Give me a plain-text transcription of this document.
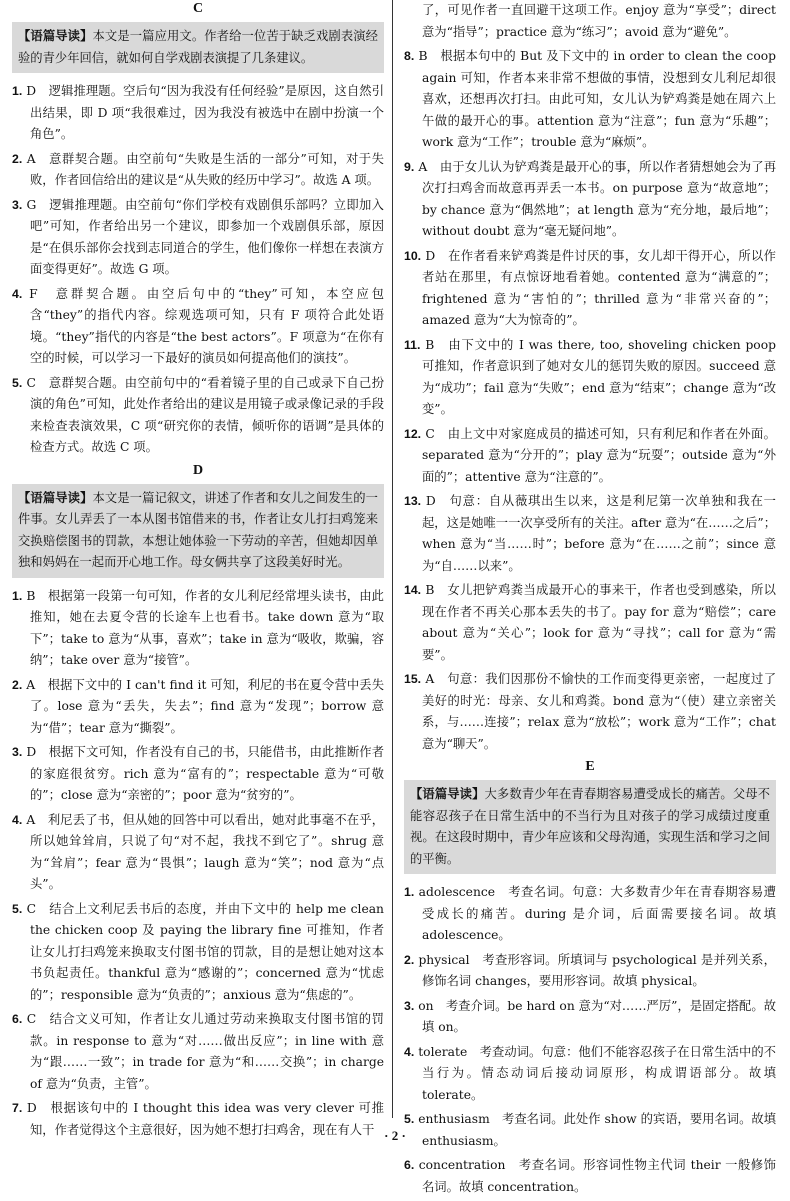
C
【语篇导读】本文是一篇应用文。作者给一位苦于缺乏戏剧表演经验的青少年回信，就如何自学戏剧表演提了几条建议。
1. D　逻辑推理题。空后句“因为我没有任何经验”是原因，这自然引出结果，即 D 项“我很难过，因为我没有被选中在剧中扮演一个角色”。
2. A　意群契合题。由空前句“失败是生活的一部分”可知，对于失败，作者回信给出的建议是“从失败的经历中学习”。故选 A 项。
3. G　逻辑推理题。由空前句“你们学校有戏剧俱乐部吗？立即加入吧”可知，作者给出另一个建议，即参加一个戏剧俱乐部，原因是“在俱乐部你会找到志同道合的学生，他们像你一样想在表演方面变得更好”。故选 G 项。
4. F　意群契合题。由空后句中的“they”可知，本空应包含“they”的指代内容。综观选项可知，只有 F 项符合此处语境。“they”指代的内容是“the best actors”。F 项意为“在你有空的时候，可以学习一下最好的演员如何提高他们的演技”。
5. C　意群契合题。由空前句中的“看着镜子里的自己或录下自己扮演的角色”可知，此处作者给出的建议是用镜子或录像记录的手段来检查表演效果，C 项“研究你的表情，倾听你的语调”是具体的检查方式。故选 C 项。
D
【语篇导读】本文是一篇记叙文，讲述了作者和女儿之间发生的一件事。女儿弄丢了一本从图书馆借来的书，作者让女儿打扫鸡笼来交换赔偿图书的罚款，本想让她体验一下劳动的辛苦，但她却因单独和妈妈在一起而开心地工作。母女俩共享了这段美好时光。
1. B　根据第一段第一句可知，作者的女儿利尼经常埋头读书，由此推知，她在去夏令营的长途车上也看书。take down 意为“取下”；take to 意为“从事，喜欢”；take in 意为“吸收，欺骗，容纳”；take over 意为“接管”。
2. A　根据下文中的 I can't find it 可知，利尼的书在夏令营中丢失了。lose 意为“丢失，失去”；find 意为“发现”；borrow 意为“借”；tear 意为“撕裂”。
3. D　根据下文可知，作者没有自己的书，只能借书，由此推断作者的家庭很贫穷。rich 意为“富有的”；respectable 意为“可敬的”；close 意为“亲密的”；poor 意为“贫穷的”。
4. A　利尼丢了书，但从她的回答中可以看出，她对此事毫不在乎，所以她耸耸肩，只说了句“对不起，我找不到它了”。shrug 意为“耸肩”；fear 意为“畏惧”；laugh 意为“笑”；nod 意为“点头”。
5. C　结合上文利尼丢书后的态度，并由下文中的 help me clean the chicken coop 及 paying the library fine 可推知，作者让女儿打扫鸡笼来换取支付图书馆的罚款，目的是想让她对这本书负起责任。thankful 意为“感谢的”；concerned 意为“忧虑的”；responsible 意为“负责的”；anxious 意为“焦虑的”。
6. C　结合文义可知，作者让女儿通过劳动来换取支付图书馆的罚款。in response to 意为“对……做出反应”；in line with 意为“跟……一致”；in trade for 意为“和……交换”；in charge of 意为“负责，主管”。
7. D　根据该句中的 I thought this idea was very clever 可推知，作者觉得这个主意很好，因为她不想打扫鸡舍，现在有人干
了，可见作者一直回避干这项工作。enjoy 意为“享受”；direct 意为“指导”；practice 意为“练习”；avoid 意为“避免”。
8. B　根据本句中的 But 及下文中的 in order to clean the coop again 可知，作者本来非常不想做的事情，没想到女儿利尼却很喜欢，还想再次打扫。由此可知，女儿认为铲鸡粪是她在周六上午做的最开心的事。attention 意为“注意”；fun 意为“乐趣”；work 意为“工作”；trouble 意为“麻烦”。
9. A　由于女儿认为铲鸡粪是最开心的事，所以作者猜想她会为了再次打扫鸡舍而故意再弄丢一本书。on purpose 意为“故意地”；by chance 意为“偶然地”；at length 意为“充分地，最后地”；without doubt 意为“毫无疑问地”。
10. D　在作者看来铲鸡粪是件讨厌的事，女儿却干得开心，所以作者站在那里，有点惊讶地看着她。contented 意为“满意的”；frightened 意为“害怕的”；thrilled 意为“非常兴奋的”；amazed 意为“大为惊奇的”。
11. B　由下文中的 I was there, too, shoveling chicken poop 可推知，作者意识到了她对女儿的惩罚失败的原因。succeed 意为“成功”；fail 意为“失败”；end 意为“结束”；change 意为“改变”。
12. C　由上文中对家庭成员的描述可知，只有利尼和作者在外面。separated 意为“分开的”；play 意为“玩耍”；outside 意为“外面的”；attentive 意为“注意的”。
13. D　句意：自从薇琪出生以来，这是利尼第一次单独和我在一起，这是她唯一一次享受所有的关注。after 意为“在……之后”；when 意为“当……时”；before 意为“在……之前”；since 意为“自……以来”。
14. B　女儿把铲鸡粪当成最开心的事来干，作者也受到感染，所以现在作者不再关心那本丢失的书了。pay for 意为“赔偿”；care about 意为“关心”；look for 意为“寻找”；call for 意为“需要”。
15. A　句意：我们因那份不愉快的工作而变得更亲密，一起度过了美好的时光：母亲、女儿和鸡粪。bond 意为“（使）建立亲密关系，与……连接”；relax 意为“放松”；work 意为“工作”；chat 意为“聊天”。
E
【语篇导读】大多数青少年在青春期容易遭受成长的痛苦。父母不能容忍孩子在日常生活中的不当行为且对孩子的学习成绩过度重视。在这段时期中，青少年应该和父母沟通，实现生活和学习之间的平衡。
1. adolescence　考查名词。句意：大多数青少年在青春期容易遭受成长的痛苦。during 是介词，后面需要接名词。故填 adolescence。
2. physical　考查形容词。所填词与 psychological 是并列关系，修饰名词 changes，要用形容词。故填 physical。
3. on　考查介词。be hard on 意为“对……严厉”，是固定搭配。故填 on。
4. tolerate　考查动词。句意：他们不能容忍孩子在日常生活中的不当行为。情态动词后接动词原形，构成谓语部分。故填 tolerate。
5. enthusiasm　考查名词。此处作 show 的宾语，要用名词。故填 enthusiasm。
6. concentration　考查名词。形容词性物主代词 their 一般修饰名词。故填 concentration。
· 2 ·
